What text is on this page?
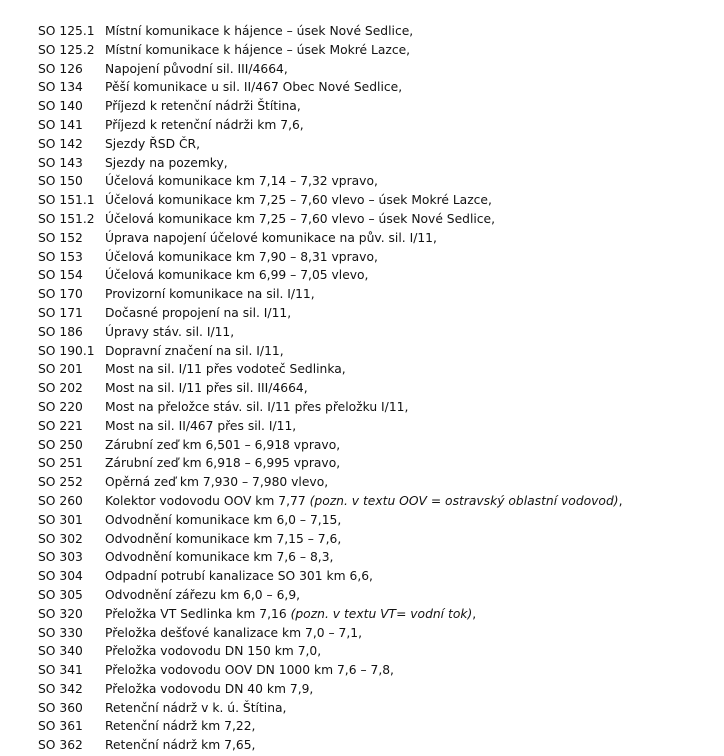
SO 125.1 Místní komunikace k hájence – úsek Nové Sedlice,
SO 125.2 Místní komunikace k hájence – úsek Mokré Lazce,
SO 126 Napojení původní sil. III/4664,
SO 134 Pěší komunikace u sil. II/467 Obec Nové Sedlice,
SO 140 Příjezd k retenční nádrži Štítina,
SO 141 Příjezd k retenční nádrži km 7,6,
SO 142 Sjezdy ŘSD ČR,
SO 143 Sjezdy na pozemky,
SO 150 Účelová komunikace km 7,14 – 7,32 vpravo,
SO 151.1 Účelová komunikace km 7,25 – 7,60 vlevo – úsek Mokré Lazce,
SO 151.2 Účelová komunikace km 7,25 – 7,60 vlevo – úsek Nové Sedlice,
SO 152 Úprava napojení účelové komunikace na pův. sil. I/11,
SO 153 Účelová komunikace km 7,90 – 8,31 vpravo,
SO 154 Účelová komunikace km 6,99 – 7,05 vlevo,
SO 170 Provizorní komunikace na sil. I/11,
SO 171 Dočasné propojení na sil. I/11,
SO 186 Úpravy stáv. sil. I/11,
SO 190.1 Dopravní značení na sil. I/11,
SO 201 Most na sil. I/11 přes vodoteč Sedlinka,
SO 202 Most na sil. I/11 přes sil. III/4664,
SO 220 Most na přeložce stáv. sil. I/11 přes přeložku I/11,
SO 221 Most na sil. II/467 přes sil. I/11,
SO 250 Zárubní zeď km 6,501 – 6,918 vpravo,
SO 251 Zárubní zeď km 6,918 – 6,995 vpravo,
SO 252 Opěrná zeď km 7,930 – 7,980 vlevo,
SO 260 Kolektor vodovodu OOV km 7,77 (pozn. v textu OOV = ostravský oblastní vodovod),
SO 301 Odvodnění komunikace km 6,0 – 7,15,
SO 302 Odvodnění komunikace km 7,15 – 7,6,
SO 303 Odvodnění komunikace km 7,6 – 8,3,
SO 304 Odpadní potrubí kanalizace SO 301 km 6,6,
SO 305 Odvodnění zářezu km 6,0 – 6,9,
SO 320 Přeložka VT Sedlinka km 7,16 (pozn. v textu VT= vodní tok),
SO 330 Přeložka dešťové kanalizace km 7,0 – 7,1,
SO 340 Přeložka vodovodu DN 150 km 7,0,
SO 341 Přeložka vodovodu OOV DN 1000 km 7,6 – 7,8,
SO 342 Přeložka vodovodu DN 40 km 7,9,
SO 360 Retenční nádrž v k. ú. Štítina,
SO 361 Retenční nádrž km 7,22,
SO 362 Retenční nádrž km 7,65,
